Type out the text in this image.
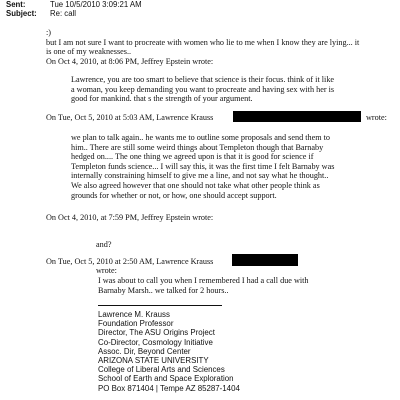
Sent:	Tue 10/5/2010 3:09:21 AM
Subject: Re: call
:)
but I am not sure I want to procreate with women who lie to me when I know they are lying... it
is one of my weaknesses..
On Oct 4, 2010, at 8:06 PM, Jeffrey Epstein wrote:
Lawrence, you are too smart to believe that science is their focus. think of it like
a woman, you keep demanding you want to procreate and having sex with her is
good for mankind. that s the strength of your argument.
On Tue, Oct 5, 2010 at 5:03 AM, Lawrence Krauss	wrote:
we plan to talk again.. he wants me to outline some proposals and send them to
him.. There are still some weird things about Templeton though that Barnaby
hedged on.... The one thing we agreed upon is that it is good for science if
Templeton funds science... I will say this, it was the first time I felt Barnaby was
internally constraining himself to give me a line, and not say what he thought..
We also agreed however that one should not take what other people think as
grounds for whether or not, or how, one should accept support.
On Oct 4, 2010, at 7:59 PM, Jeffrey Epstein wrote:
and?
On Tue, Oct 5, 2010 at 2:50 AM, Lawrence Krauss
wrote:
I was about to call you when I remembered I had a call due with
Barnaby Marsh.. we talked for 2 hours..
Lawrence M. Krauss
Foundation Professor
Director, The ASU Origins Project
Co-Director, Cosmology Initiative
Assoc. Dir, Beyond Center
ARIZONA STATE UNIVERSITY
College of Liberal Arts and Sciences
School of Earth and Space Exploration
PO Box 871404 | Tempe AZ 85287-1404
